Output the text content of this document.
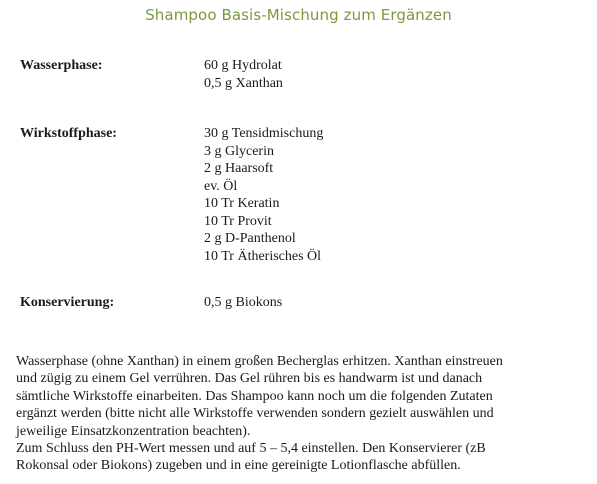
Shampoo Basis-Mischung zum Ergänzen
Wasserphase:	60 g Hydrolat
0,5 g Xanthan
Wirkstoffphase:	30 g Tensidmischung
3 g Glycerin
2 g Haarsoft
ev. Öl
10 Tr Keratin
10 Tr Provit
2 g D-Panthenol
10 Tr Ätherisches Öl
Konservierung:	0,5 g Biokons

Wasserphase (ohne Xanthan) in einem großen Becherglas erhitzen. Xanthan einstreuen
und zügig zu einem Gel verrühren. Das Gel rühren bis es handwarm ist und danach
sämtliche Wirkstoffe einarbeiten. Das Shampoo kann noch um die folgenden Zutaten
ergänzt werden (bitte nicht alle Wirkstoffe verwenden sondern gezielt auswählen und
jeweilige Einsatzkonzentration beachten).

Zum Schluss den PH-Wert messen und auf 5 – 5,4 einstellen. Den Konservierer (zB
Rokonsal oder Biokons) zugeben und in eine gereinigte Lotionflasche abfüllen.
